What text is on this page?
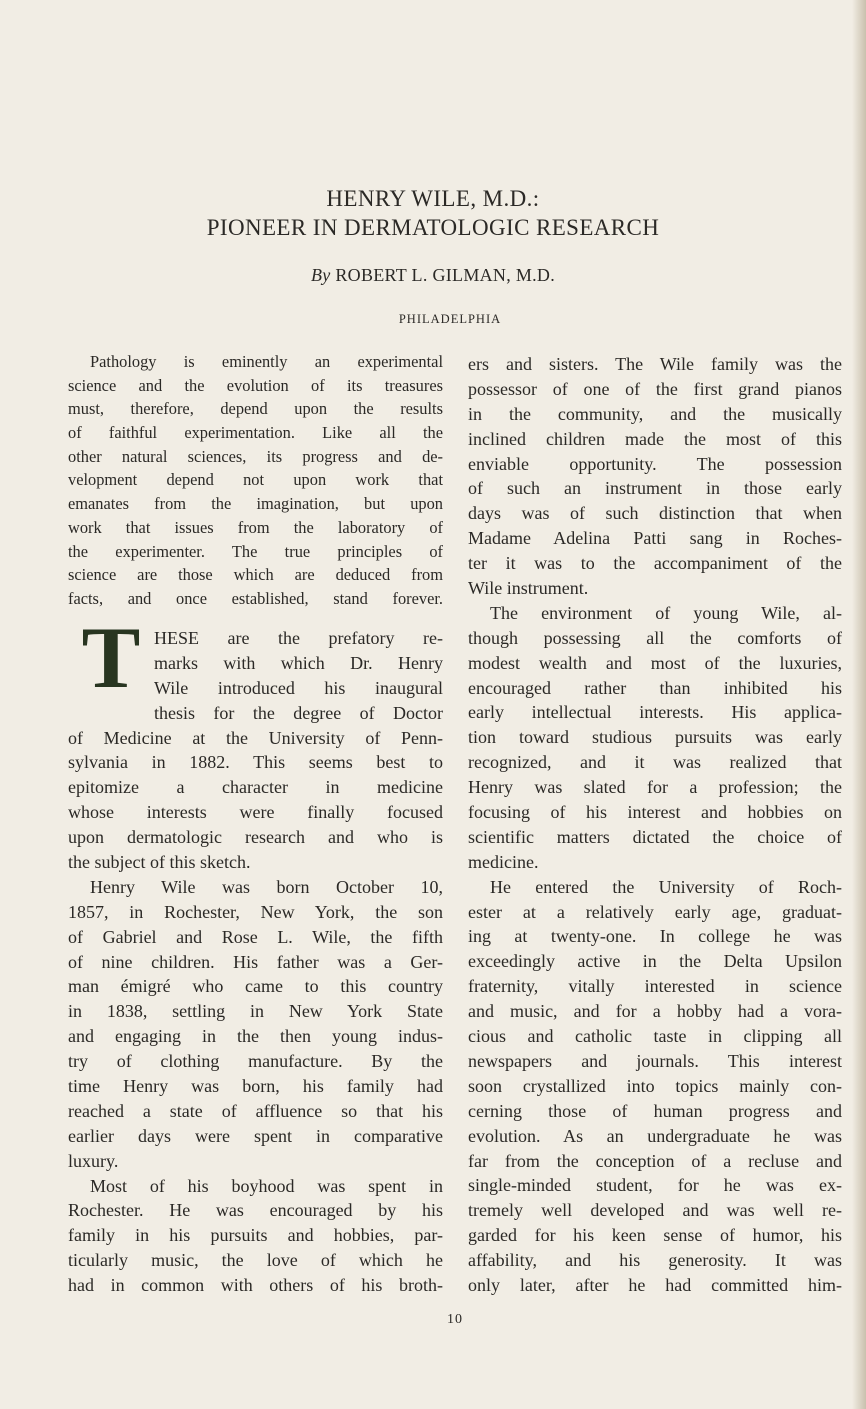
HENRY WILE, M.D.:
PIONEER IN DERMATOLOGIC RESEARCH
By ROBERT L. GILMAN, M.D.
PHILADELPHIA
Pathology is eminently an experimental
science and the evolution of its treasures
must, therefore, depend upon the results
of faithful experimentation. Like all the
other natural sciences, its progress and de-
velopment depend not upon work that
emanates from the imagination, but upon
work that issues from the laboratory of
the experimenter. The true principles of
science are those which are deduced from
facts, and once established, stand forever.
T HESE are the prefatory re-
marks with which Dr. Henry
Wile introduced his inaugural
thesis for the degree of Doctor
of Medicine at the University of Penn-
sylvania in 1882. This seems best to
epitomize a character in medicine
whose interests were finally focused
upon dermatologic research and who is
the subject of this sketch.
Henry Wile was born October 10,
1857, in Rochester, New York, the son
of Gabriel and Rose L. Wile, the fifth
of nine children. His father was a Ger-
man émigré who came to this country
in 1838, settling in New York State
and engaging in the then young indus-
try of clothing manufacture. By the
time Henry was born, his family had
reached a state of affluence so that his
earlier days were spent in comparative
luxury.
Most of his boyhood was spent in
Rochester. He was encouraged by his
family in his pursuits and hobbies, par-
ticularly music, the love of which he
had in common with others of his broth-
ers and sisters. The Wile family was the
possessor of one of the first grand pianos
in the community, and the musically
inclined children made the most of this
enviable opportunity. The possession
of such an instrument in those early
days was of such distinction that when
Madame Adelina Patti sang in Roches-
ter it was to the accompaniment of the
Wile instrument.
The environment of young Wile, al-
though possessing all the comforts of
modest wealth and most of the luxuries,
encouraged rather than inhibited his
early intellectual interests. His applica-
tion toward studious pursuits was early
recognized, and it was realized that
Henry was slated for a profession; the
focusing of his interest and hobbies on
scientific matters dictated the choice of
medicine.
He entered the University of Roch-
ester at a relatively early age, graduat-
ing at twenty-one. In college he was
exceedingly active in the Delta Upsilon
fraternity, vitally interested in science
and music, and for a hobby had a vora-
cious and catholic taste in clipping all
newspapers and journals. This interest
soon crystallized into topics mainly con-
cerning those of human progress and
evolution. As an undergraduate he was
far from the conception of a recluse and
single-minded student, for he was ex-
tremely well developed and was well re-
garded for his keen sense of humor, his
affability, and his generosity. It was
only later, after he had committed him-
10
